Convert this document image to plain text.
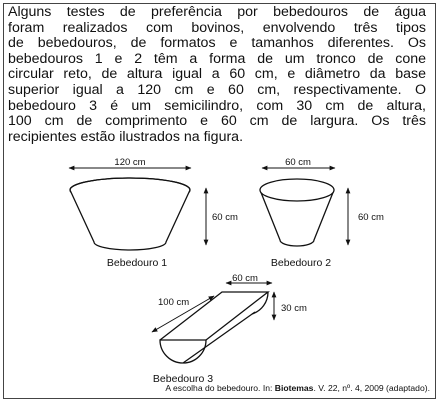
Alguns testes de preferência por bebedouros de água
foram realizados com bovinos, envolvendo três tipos
de bebedouros, de formatos e tamanhos diferentes. Os
bebedouros 1 e 2 têm a forma de um tronco de cone
circular reto, de altura igual a 60 cm, e diâmetro da base
superior igual a 120 cm e 60 cm, respectivamente. O
bebedouro 3 é um semicilindro, com 30 cm de altura,
100 cm de comprimento e 60 cm de largura. Os três
recipientes estão ilustrados na figura.
120 cm
60 cm
Bebedouro 1
60 cm
60 cm
Bebedouro 2
60 cm
100 cm
30 cm
Bebedouro 3
A escolha do bebedouro. In: Biotemas. V. 22, nº. 4, 2009 (adaptado).
